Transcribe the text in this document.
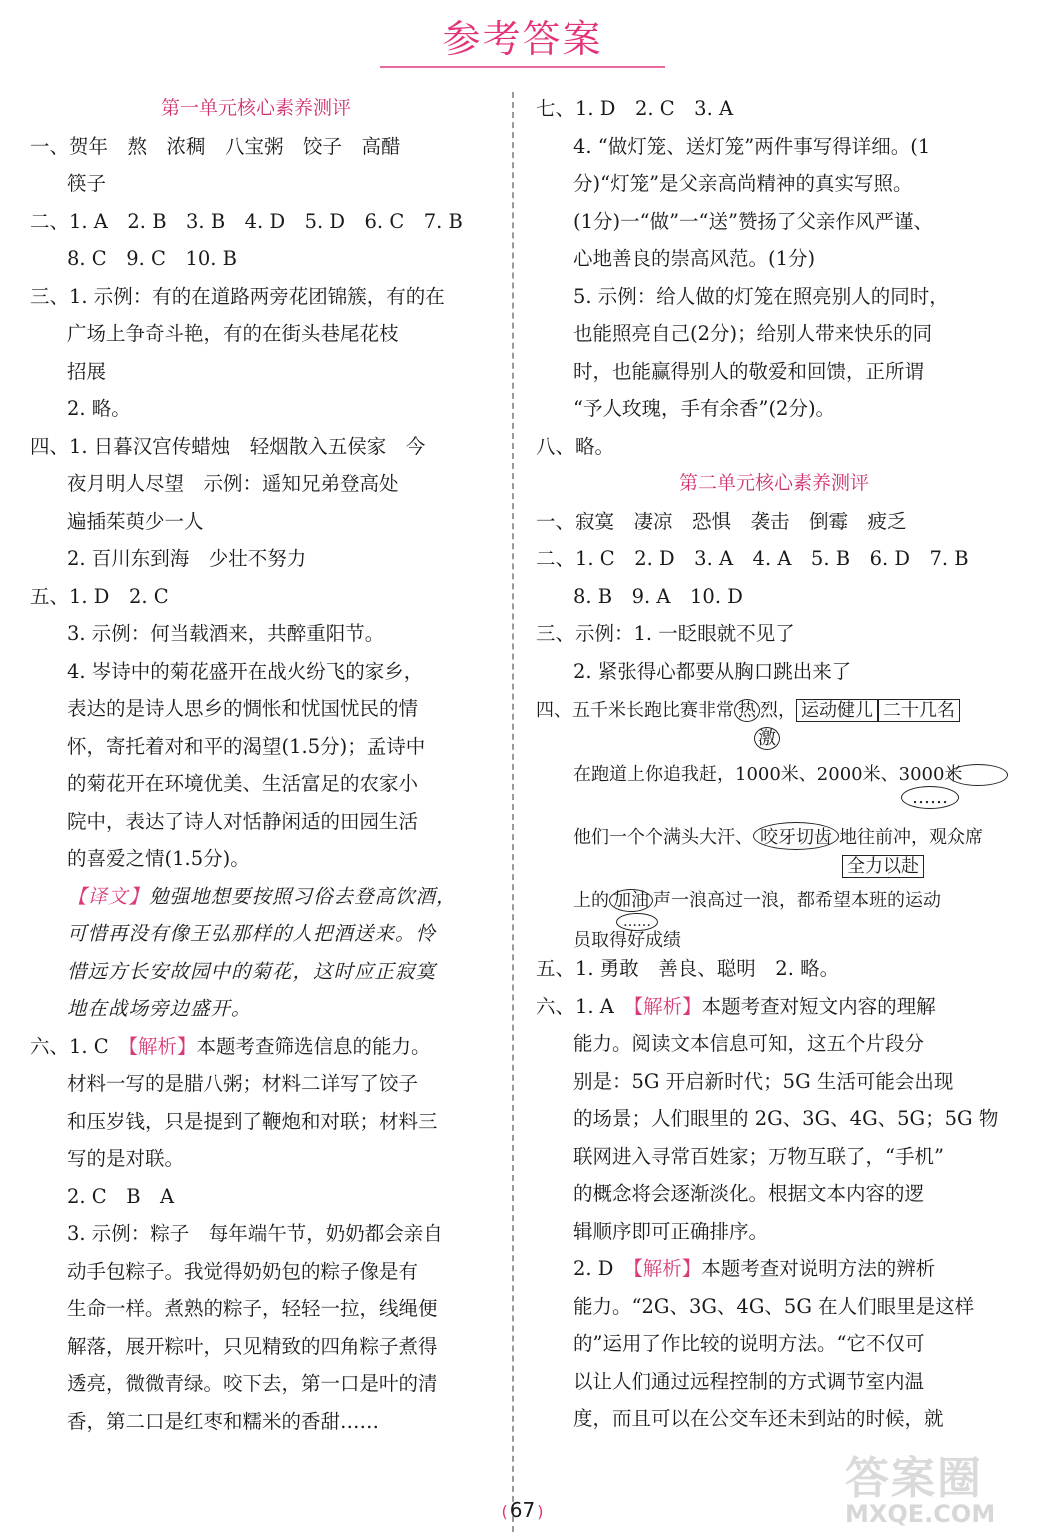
参考答案
第一单元核心素养测评
一、贺年　熬　浓稠　八宝粥　饺子　高醋
筷子
二、1. A　2. B　3. B　4. D　5. D　6. C　7. B
8. C　9. C　10. B
三、1. 示例：有的在道路两旁花团锦簇，有的在
广场上争奇斗艳，有的在街头巷尾花枝
招展
2. 略。
四、1. 日暮汉宫传蜡烛　轻烟散入五侯家　今
夜月明人尽望　示例：遥知兄弟登高处
遍插茱萸少一人
2. 百川东到海　少壮不努力
五、1. D　2. C
3. 示例：何当载酒来，共醉重阳节。
4. 岑诗中的菊花盛开在战火纷飞的家乡，
表达的是诗人思乡的惆怅和忧国忧民的情
怀，寄托着对和平的渴望(1.5分)；孟诗中
的菊花开在环境优美、生活富足的农家小
院中，表达了诗人对恬静闲适的田园生活
的喜爱之情(1.5分)。
【译文】勉强地想要按照习俗去登高饮酒，
可惜再没有像王弘那样的人把酒送来。怜
惜远方长安故园中的菊花，这时应正寂寞
地在战场旁边盛开。
六、1. C　【解析】本题考查筛选信息的能力。
材料一写的是腊八粥；材料二详写了饺子
和压岁钱，只是提到了鞭炮和对联；材料三
写的是对联。
2. C　B　A
3. 示例：粽子　每年端午节，奶奶都会亲自
动手包粽子。我觉得奶奶包的粽子像是有
生命一样。煮熟的粽子，轻轻一拉，线绳便
解落，展开粽叶，只见精致的四角粽子煮得
透亮，微微青绿。咬下去，第一口是叶的清
香，第二口是红枣和糯米的香甜……
七、1. D　2. C　3. A
4. “做灯笼、送灯笼”两件事写得详细。(1
分)“灯笼”是父亲高尚精神的真实写照。
(1分)一“做”一“送”赞扬了父亲作风严谨、
心地善良的崇高风范。(1分)
5. 示例：给人做的灯笼在照亮别人的同时，
也能照亮自己(2分)；给别人带来快乐的同
时，也能赢得别人的敬爱和回馈，正所谓
“予人玫瑰，手有余香”(2分)。
八、略。
第二单元核心素养测评
一、寂寞　凄凉　恐惧　袭击　倒霉　疲乏
二、1. C　2. D　3. A　4. A　5. B　6. D　7. B
8. B　9. A　10. D
三、示例：1. 一眨眼就不见了
2. 紧张得心都要从胸口跳出来了
四、五千米长跑比赛非常 热 烈， 运动健儿 二十几名
激
在跑道上你追我赶，1000米、2000米、3000米
……
他们一个个满头大汗、 咬牙切齿 地往前冲，观众席
全力以赴
上的 加油 声一浪高过一浪，都希望本班的运动
……
员取得好成绩
五、1. 勇敢　善良、聪明　2. 略。
六、1. A　【解析】本题考查对短文内容的理解
能力。阅读文本信息可知，这五个片段分
别是：5G 开启新时代；5G 生活可能会出现
的场景；人们眼里的 2G、3G、4G、5G；5G 物
联网进入寻常百姓家；万物互联了，“手机”
的概念将会逐渐淡化。根据文本内容的逻
辑顺序即可正确排序。
2. D　【解析】本题考查对说明方法的辨析
能力。“2G、3G、4G、5G 在人们眼里是这样
的”运用了作比较的说明方法。“它不仅可
以让人们通过远程控制的方式调节室内温
度，而且可以在公交车还未到站的时候，就
( 67 )
答案圈
MXQE.COM
